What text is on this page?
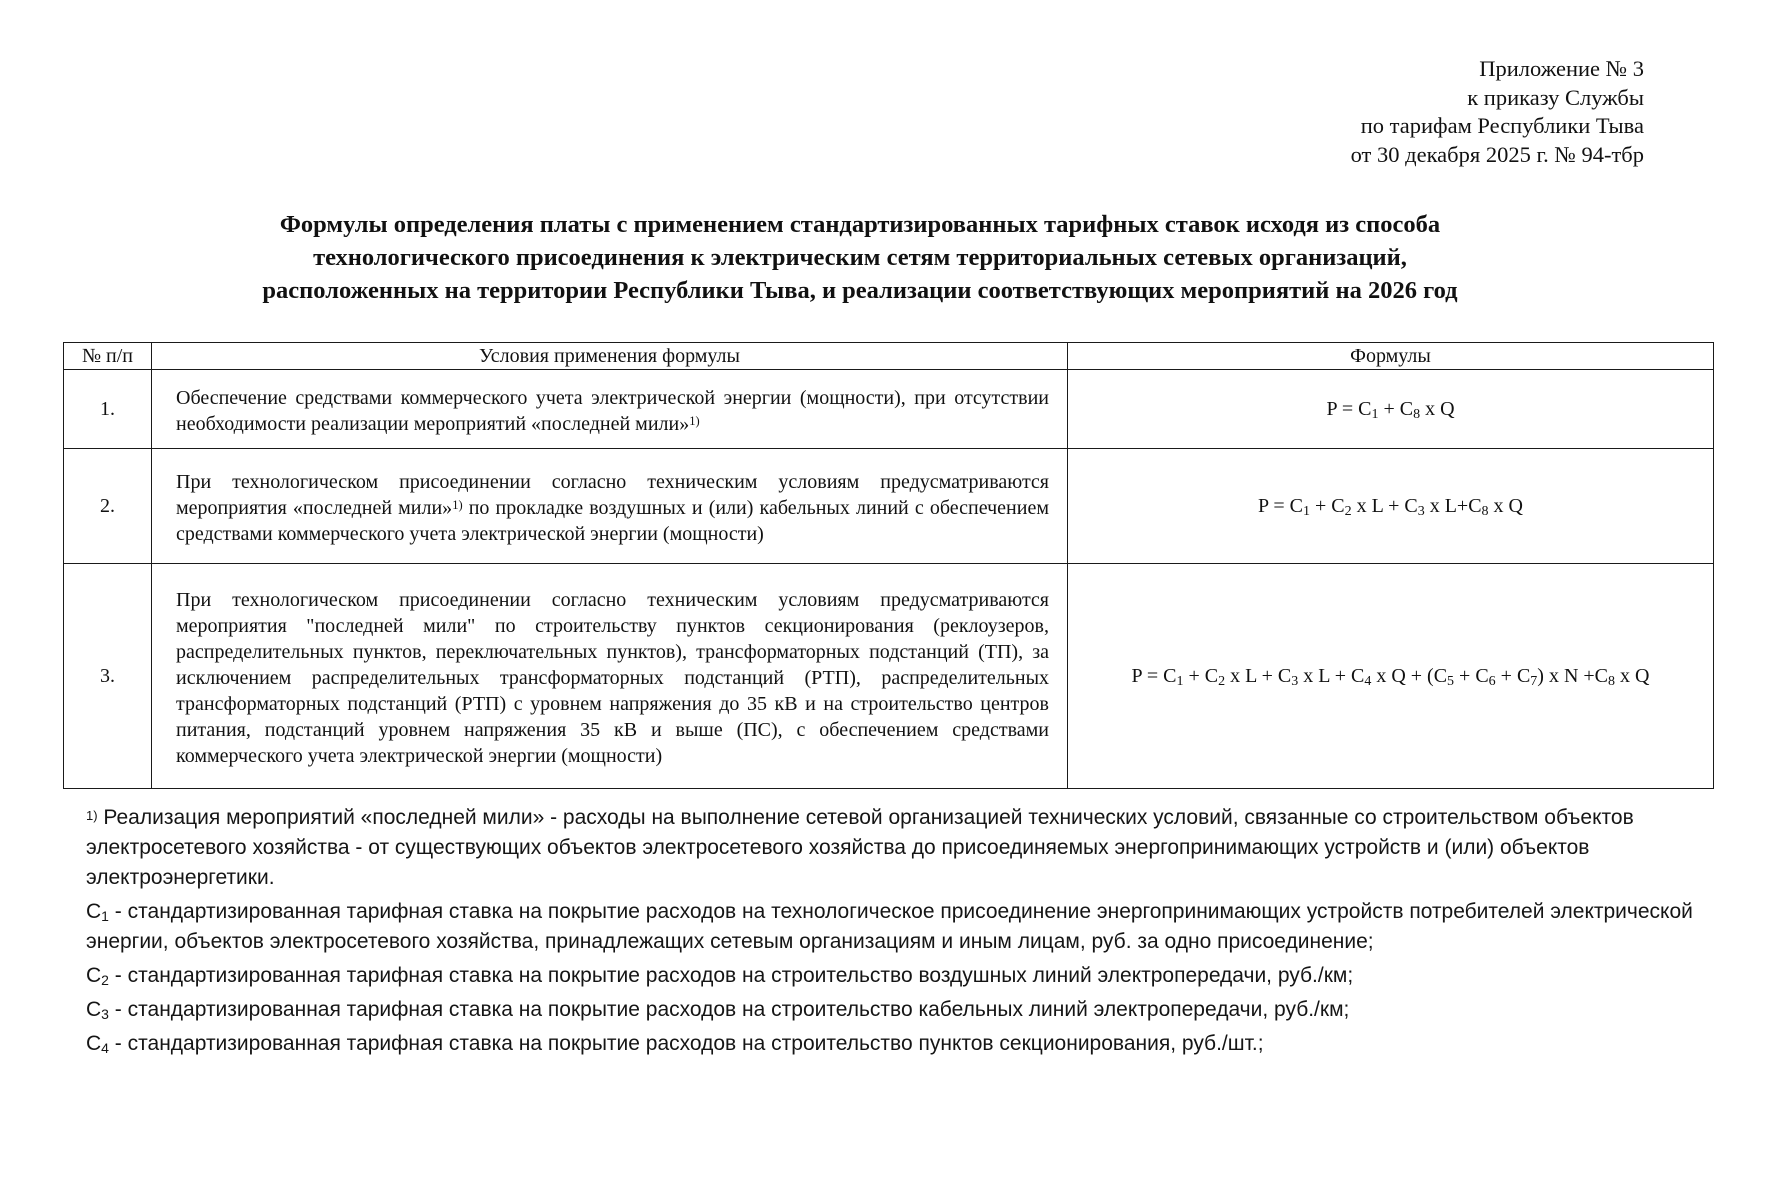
Приложение № 3
к приказу Службы
по тарифам Республики Тыва
от 30 декабря 2025 г. № 94-тбр
Формулы определения платы с применением стандартизированных тарифных ставок исходя из способа
технологического присоединения к электрическим сетям территориальных сетевых организаций,
расположенных на территории Республики Тыва, и реализации соответствующих мероприятий на 2026 год
№ п/п	Условия применения формулы	Формулы
1.	Обеспечение средствами коммерческого учета электрической энергии (мощности), при отсутствии необходимости реализации мероприятий «последней мили»$^{1)}$	$P = C_1 + C_8$ x Q
2.	При технологическом присоединении согласно техническим условиям предусматриваются мероприятия «последней мили»$^{1)}$ по прокладке воздушных и (или) кабельных линий с обеспечением средствами коммерческого учета электрической энергии (мощности)	$P = C_1 + C_2$ x $L + C_3$ x $L+C_8$ x Q
3.	При технологическом присоединении согласно техническим условиям предусматриваются мероприятия "последней мили" по строительству пунктов секционирования (реклоузеров, распределительных пунктов, переключательных пунктов), трансформаторных подстанций (ТП), за исключением распределительных трансформаторных подстанций (РТП), распределительных трансформаторных подстанций (РТП) с уровнем напряжения до 35 кВ и на строительство центров питания, подстанций уровнем напряжения 35 кВ и выше (ПС), с обеспечением средствами коммерческого учета электрической энергии (мощности)	$P = C_1 + C_2$ x $L + C_3$ x $L + C_4$ x $Q + (C_5 + C_6 + C_7)$ x $N +C_8$ x Q

$^{1)}$ Реализация мероприятий «последней мили» - расходы на выполнение сетевой организацией технических условий, связанные со строительством объектов электросетевого хозяйства - от существующих объектов электросетевого хозяйства до присоединяемых энергопринимающих устройств и (или) объектов электроэнергетики.

$C_1$ - стандартизированная тарифная ставка на покрытие расходов на технологическое присоединение энергопринимающих устройств потребителей электрической энергии, объектов электросетевого хозяйства, принадлежащих сетевым организациям и иным лицам, руб. за одно присоединение;

$C_2$ - стандартизированная тарифная ставка на покрытие расходов на строительство воздушных линий электропередачи, руб./км;

$C_3$ - стандартизированная тарифная ставка на покрытие расходов на строительство кабельных линий электропередачи, руб./км;

$C_4$ - стандартизированная тарифная ставка на покрытие расходов на строительство пунктов секционирования, руб./шт.;
